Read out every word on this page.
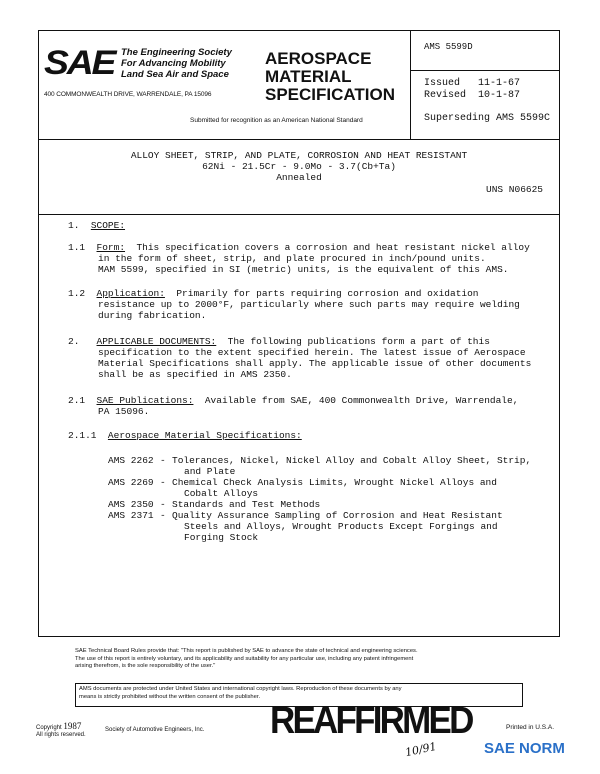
SAE The Engineering Society
For Advancing Mobility
Land Sea Air and Space
400 COMMONWEALTH DRIVE, WARRENDALE, PA 15096
AEROSPACE
MATERIAL
SPECIFICATION
Submitted for recognition as an American National Standard
AMS 5599D
Issued   11-1-67
Revised  10-1-87
Superseding AMS 5599C
ALLOY SHEET, STRIP, AND PLATE, CORROSION AND HEAT RESISTANT
62Ni - 21.5Cr - 9.0Mo - 3.7(Cb+Ta)
Annealed
UNS N06625
1. SCOPE:
1.1 Form: This specification covers a corrosion and heat resistant nickel alloy
in the form of sheet, strip, and plate procured in inch/pound units.
MAM 5599, specified in SI (metric) units, is the equivalent of this AMS.
1.2 Application: Primarily for parts requiring corrosion and oxidation
resistance up to 2000°F, particularly where such parts may require welding
during fabrication.
2. APPLICABLE DOCUMENTS: The following publications form a part of this
specification to the extent specified herein. The latest issue of Aerospace
Material Specifications shall apply. The applicable issue of other documents
shall be as specified in AMS 2350.
2.1 SAE Publications: Available from SAE, 400 Commonwealth Drive, Warrendale,
PA 15096.
2.1.1 Aerospace Material Specifications:
AMS 2262 - Tolerances, Nickel, Nickel Alloy and Cobalt Alloy Sheet, Strip,
and Plate
AMS 2269 - Chemical Check Analysis Limits, Wrought Nickel Alloys and
Cobalt Alloys
AMS 2350 - Standards and Test Methods
AMS 2371 - Quality Assurance Sampling of Corrosion and Heat Resistant
Steels and Alloys, Wrought Products Except Forgings and
Forging Stock
SAE Technical Board Rules provide that: "This report is published by SAE to advance the state of technical and engineering sciences.
The use of this report is entirely voluntary, and its applicability and suitability for any particular use, including any patent infringement
arising therefrom, is the sole responsibility of the user."
AMS documents are protected under United States and international copyright laws. Reproduction of these documents by any
means is strictly prohibited without the written consent of the publisher.
Copyright 1987
All rights reserved.
Society of Automotive Engineers, Inc. REAFFIRMED
10/91
Printed in U.S.A.
SAE NORM
